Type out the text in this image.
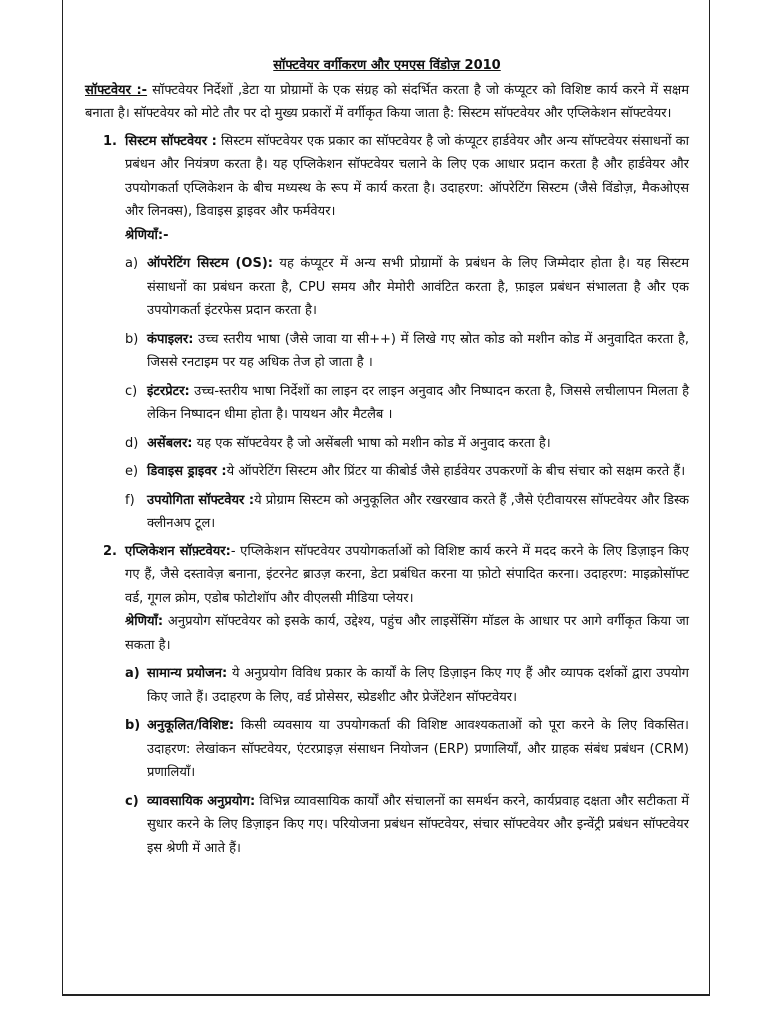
सॉफ्टवेयर वर्गीकरण और एमएस विंडोज़ 2010
सॉफ्टवेयर :- सॉफ्टवेयर निर्देशों ,डेटा या प्रोग्रामों के एक संग्रह को संदर्भित करता है जो कंप्यूटर को विशिष्ट कार्य करने में सक्षम बनाता है। सॉफ्टवेयर को मोटे तौर पर दो मुख्य प्रकारों में वर्गीकृत किया जाता है: सिस्टम सॉफ्टवेयर और एप्लिकेशन सॉफ्टवेयर।
1. सिस्टम सॉफ्टवेयर : सिस्टम सॉफ्टवेयर एक प्रकार का सॉफ्टवेयर है जो कंप्यूटर हार्डवेयर और अन्य सॉफ्टवेयर संसाधनों का प्रबंधन और नियंत्रण करता है। यह एप्लिकेशन सॉफ्टवेयर चलाने के लिए एक आधार प्रदान करता है और हार्डवेयर और उपयोगकर्ता एप्लिकेशन के बीच मध्यस्थ के रूप में कार्य करता है। उदाहरण: ऑपरेटिंग सिस्टम (जैसे विंडोज़, मैकओएस और लिनक्स), डिवाइस ड्राइवर और फर्मवेयर।
श्रेणियाँ:-
a) ऑपरेटिंग सिस्टम (OS): यह कंप्यूटर में अन्य सभी प्रोग्रामों के प्रबंधन के लिए जिम्मेदार होता है। यह सिस्टम संसाधनों का प्रबंधन करता है, CPU समय और मेमोरी आवंटित करता है, फ़ाइल प्रबंधन संभालता है और एक उपयोगकर्ता इंटरफेस प्रदान करता है।
b) कंपाइलर: उच्च स्तरीय भाषा (जैसे जावा या सी++) में लिखे गए स्रोत कोड को मशीन कोड में अनुवादित करता है, जिससे रनटाइम पर यह अधिक तेज हो जाता है ।
c) इंटरप्रेटर: उच्च-स्तरीय भाषा निर्देशों का लाइन दर लाइन अनुवाद और निष्पादन करता है, जिससे लचीलापन मिलता है लेकिन निष्पादन धीमा होता है। पायथन और मैटलैब ।
d) असेंबलर: यह एक सॉफ्टवेयर है जो असेंबली भाषा को मशीन कोड में अनुवाद करता है।
e) डिवाइस ड्राइवर :ये ऑपरेटिंग सिस्टम और प्रिंटर या कीबोर्ड जैसे हार्डवेयर उपकरणों के बीच संचार को सक्षम करते हैं।
f) उपयोगिता सॉफ्टवेयर :ये प्रोग्राम सिस्टम को अनुकूलित और रखरखाव करते हैं ,जैसे एंटीवायरस सॉफ्टवेयर और डिस्क क्लीनअप टूल।
2. एप्लिकेशन सॉफ़्टवेयर:- एप्लिकेशन सॉफ्टवेयर उपयोगकर्ताओं को विशिष्ट कार्य करने में मदद करने के लिए डिज़ाइन किए गए हैं, जैसे दस्तावेज़ बनाना, इंटरनेट ब्राउज़ करना, डेटा प्रबंधित करना या फ़ोटो संपादित करना। उदाहरण: माइक्रोसॉफ्ट वर्ड, गूगल क्रोम, एडोब फोटोशॉप और वीएलसी मीडिया प्लेयर।
श्रेणियाँ: अनुप्रयोग सॉफ्टवेयर को इसके कार्य, उद्देश्य, पहुंच और लाइसेंसिंग मॉडल के आधार पर आगे वर्गीकृत किया जा सकता है।
a) सामान्य प्रयोजन: ये अनुप्रयोग विविध प्रकार के कार्यों के लिए डिज़ाइन किए गए हैं और व्यापक दर्शकों द्वारा उपयोग किए जाते हैं। उदाहरण के लिए, वर्ड प्रोसेसर, स्प्रेडशीट और प्रेजेंटेशन सॉफ्टवेयर।
b) अनुकूलित/विशिष्ट: किसी व्यवसाय या उपयोगकर्ता की विशिष्ट आवश्यकताओं को पूरा करने के लिए विकसित। उदाहरण: लेखांकन सॉफ्टवेयर, एंटरप्राइज़ संसाधन नियोजन (ERP) प्रणालियाँ, और ग्राहक संबंध प्रबंधन (CRM) प्रणालियाँ।
c) व्यावसायिक अनुप्रयोग: विभिन्न व्यावसायिक कार्यों और संचालनों का समर्थन करने, कार्यप्रवाह दक्षता और सटीकता में सुधार करने के लिए डिज़ाइन किए गए। परियोजना प्रबंधन सॉफ्टवेयर, संचार सॉफ्टवेयर और इन्वेंट्री प्रबंधन सॉफ्टवेयर इस श्रेणी में आते हैं।
